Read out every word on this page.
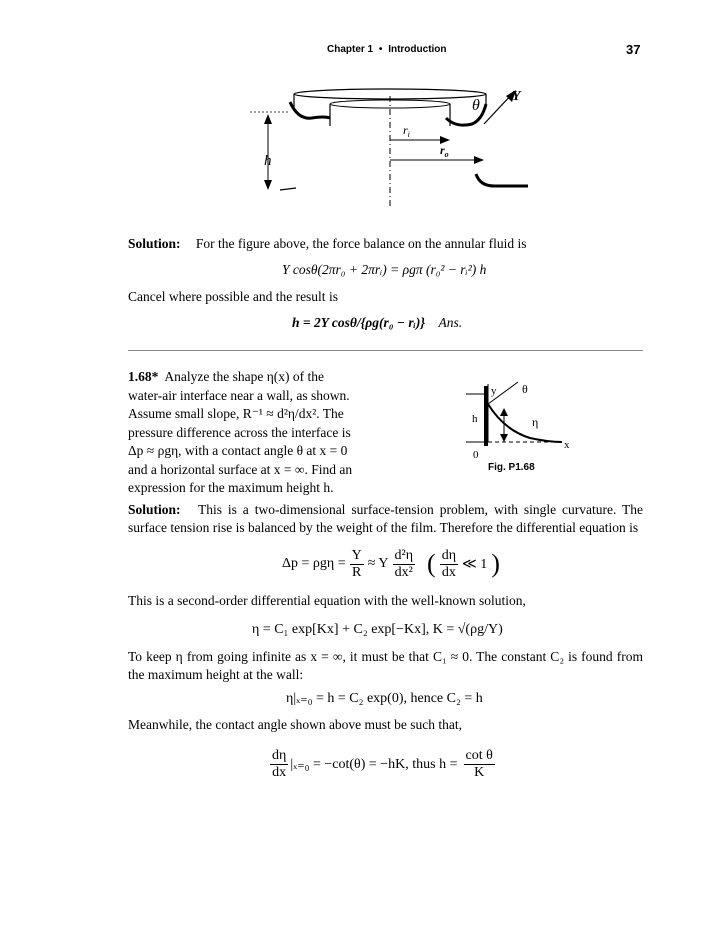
Chapter 1 • Introduction	37
θ
Y
$r_i$
$r_o$
h
Solution: For the figure above, the force balance on the annular fluid is
Y cosθ(2πr₀ + 2πrᵢ) = ρgπ (r₀² − rᵢ²) h
Cancel where possible and the result is
h = 2Y cosθ/{ρg(r₀ − rᵢ)} Ans.
1.68* Analyze the shape η(x) of the
water-air interface near a wall, as shown.
Assume small slope, R⁻¹ ≈ d²η/dx². The
pressure difference across the interface is
Δp ≈ ρgη, with a contact angle θ at x = 0
and a horizontal surface at x = ∞. Find an
expression for the maximum height h.
y θ
h	η
x
0
Fig. P1.68
Solution: This is a two-dimensional surface-tension problem, with single curvature. The surface tension rise is balanced by the weight of the film. Therefore the differential equation is
$\Delta p = \rho g\eta = \frac{Y}{R} \approx Y \frac{\text{d²η}}{\text{dx²}}$ ( $\frac{d\eta}{dx}$ ≪ 1 )
This is a second-order differential equation with the well-known solution,
η = C₁ exp[Kx] + C₂ exp[−Kx], K = √(ρg/Y)
To keep η from going infinite as x = ∞, it must be that C₁ ≈ 0. The constant C₂ is found from the maximum height at the wall:
η|ₓ₌₀ = h = C₂ exp(0), hence C₂ = h
Meanwhile, the contact angle shown above must be such that,
$\frac{d\eta}{dx} |_{x=0} = -\cot(\theta) = -hK$, thus $h = \frac{\text{cot θ}}{K}$
